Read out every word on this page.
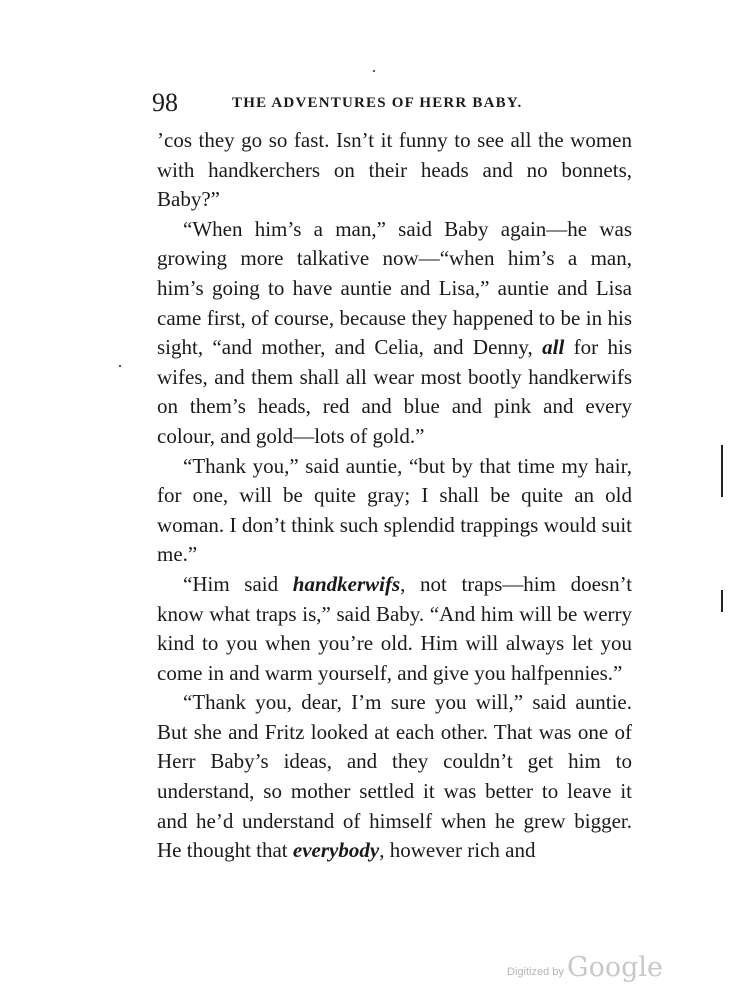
98	THE ADVENTURES OF HERR BABY.

’cos they go so fast. Isn’t it funny to see all the women with handkerchers on their heads and no bonnets, Baby?”

“When him’s a man,” said Baby again—he was growing more talkative now—“when him’s a man, him’s going to have auntie and Lisa,” auntie and Lisa came first, of course, because they happened to be in his sight, “and mother, and Celia, and Denny, all for his wifes, and them shall all wear most bootly handkerwifs on them’s heads, red and blue and pink and every colour, and gold—lots of gold.”

“Thank you,” said auntie, “but by that time my hair, for one, will be quite gray; I shall be quite an old woman. I don’t think such splendid trappings would suit me.”

“Him said handkerwifs, not traps—him doesn’t know what traps is,” said Baby. “And him will be werry kind to you when you’re old. Him will always let you come in and warm yourself, and give you halfpennies.”

“Thank you, dear, I’m sure you will,” said auntie. But she and Fritz looked at each other. That was one of Herr Baby’s ideas, and they couldn’t get him to understand, so mother settled it was better to leave it and he’d understand of himself when he grew bigger. He thought that everybody, however rich and

Digitized by Google
